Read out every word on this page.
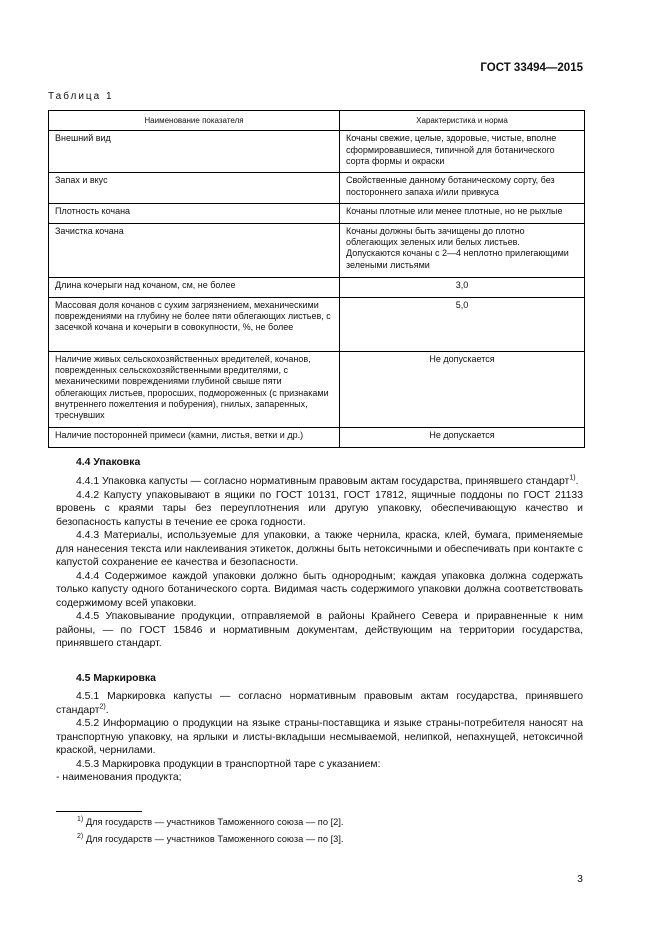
ГОСТ 33494—2015
Таблица 1
Наименование показателя	Характеристика и норма
Внешний вид	Кочаны свежие, целые, здоровые, чистые, вполне сформировавшиеся, типичной для ботанического сорта формы и окраски
Запах и вкус	Свойственные данному ботаническому сорту, без постороннего запаха и/или привкуса
Плотность кочана	Кочаны плотные или менее плотные, но не рыхлые
Зачистка кочана	Кочаны должны быть зачищены до плотно облегающих зеленых или белых листьев.
Допускаются кочаны с 2—4 неплотно прилегающими зелеными листьями

Длина кочерыги над кочаном, см, не более	3,0
Массовая доля кочанов с сухим загрязнением, механическими повреждениями на глубину не более пяти облегающих листьев, с засечкой кочана и кочерыги в совокупности, %, не более	5,0
Наличие живых сельскохозяйственных вредителей, кочанов, поврежденных сельскохозяйственными вредителями, с механическими повреждениями глубиной свыше пяти облегающих листьев, проросших, подмороженных (с признаками внутреннего пожелтения и побурения), гнилых, запаренных, треснувших	Не допускается
Наличие посторонней примеси (камни, листья, ветки и др.)	Не допускается
4.4 Упаковка

4.4.1 Упаковка капусты — согласно нормативным правовым актам государства, принявшего стандарт$^{1)}$.

4.4.2 Капусту упаковывают в ящики по ГОСТ 10131, ГОСТ 17812, ящичные поддоны по ГОСТ 21133 вровень с краями тары без переуплотнения или другую упаковку, обеспечивающую качество и безопасность капусты в течение ее срока годности.

4.4.3 Материалы, используемые для упаковки, а также чернила, краска, клей, бумага, применяемые для нанесения текста или наклеивания этикеток, должны быть нетоксичными и обеспечивать при контакте с капустой сохранение ее качества и безопасности.

4.4.4 Содержимое каждой упаковки должно быть однородным; каждая упаковка должна содержать только капусту одного ботанического сорта. Видимая часть содержимого упаковки должна соответствовать содержимому всей упаковки.

4.4.5 Упаковывание продукции, отправляемой в районы Крайнего Севера и приравненные к ним районы, — по ГОСТ 15846 и нормативным документам, действующим на территории государства, принявшего стандарт.

4.5 Маркировка

4.5.1 Маркировка капусты — согласно нормативным правовым актам государства, принявшего стандарт$^{2)}$.

4.5.2 Информацию о продукции на языке страны-поставщика и языке страны-потребителя наносят на транспортную упаковку, на ярлыки и листы-вкладыши несмываемой, нелипкой, непахнущей, нетоксичной краской, чернилами.

4.5.3 Маркировка продукции в транспортной таре с указанием:

- наименования продукта;

$^{1)}$ Для государств — участников Таможенного союза — по [2].
$^{2)}$ Для государств — участников Таможенного союза — по [3].
3
